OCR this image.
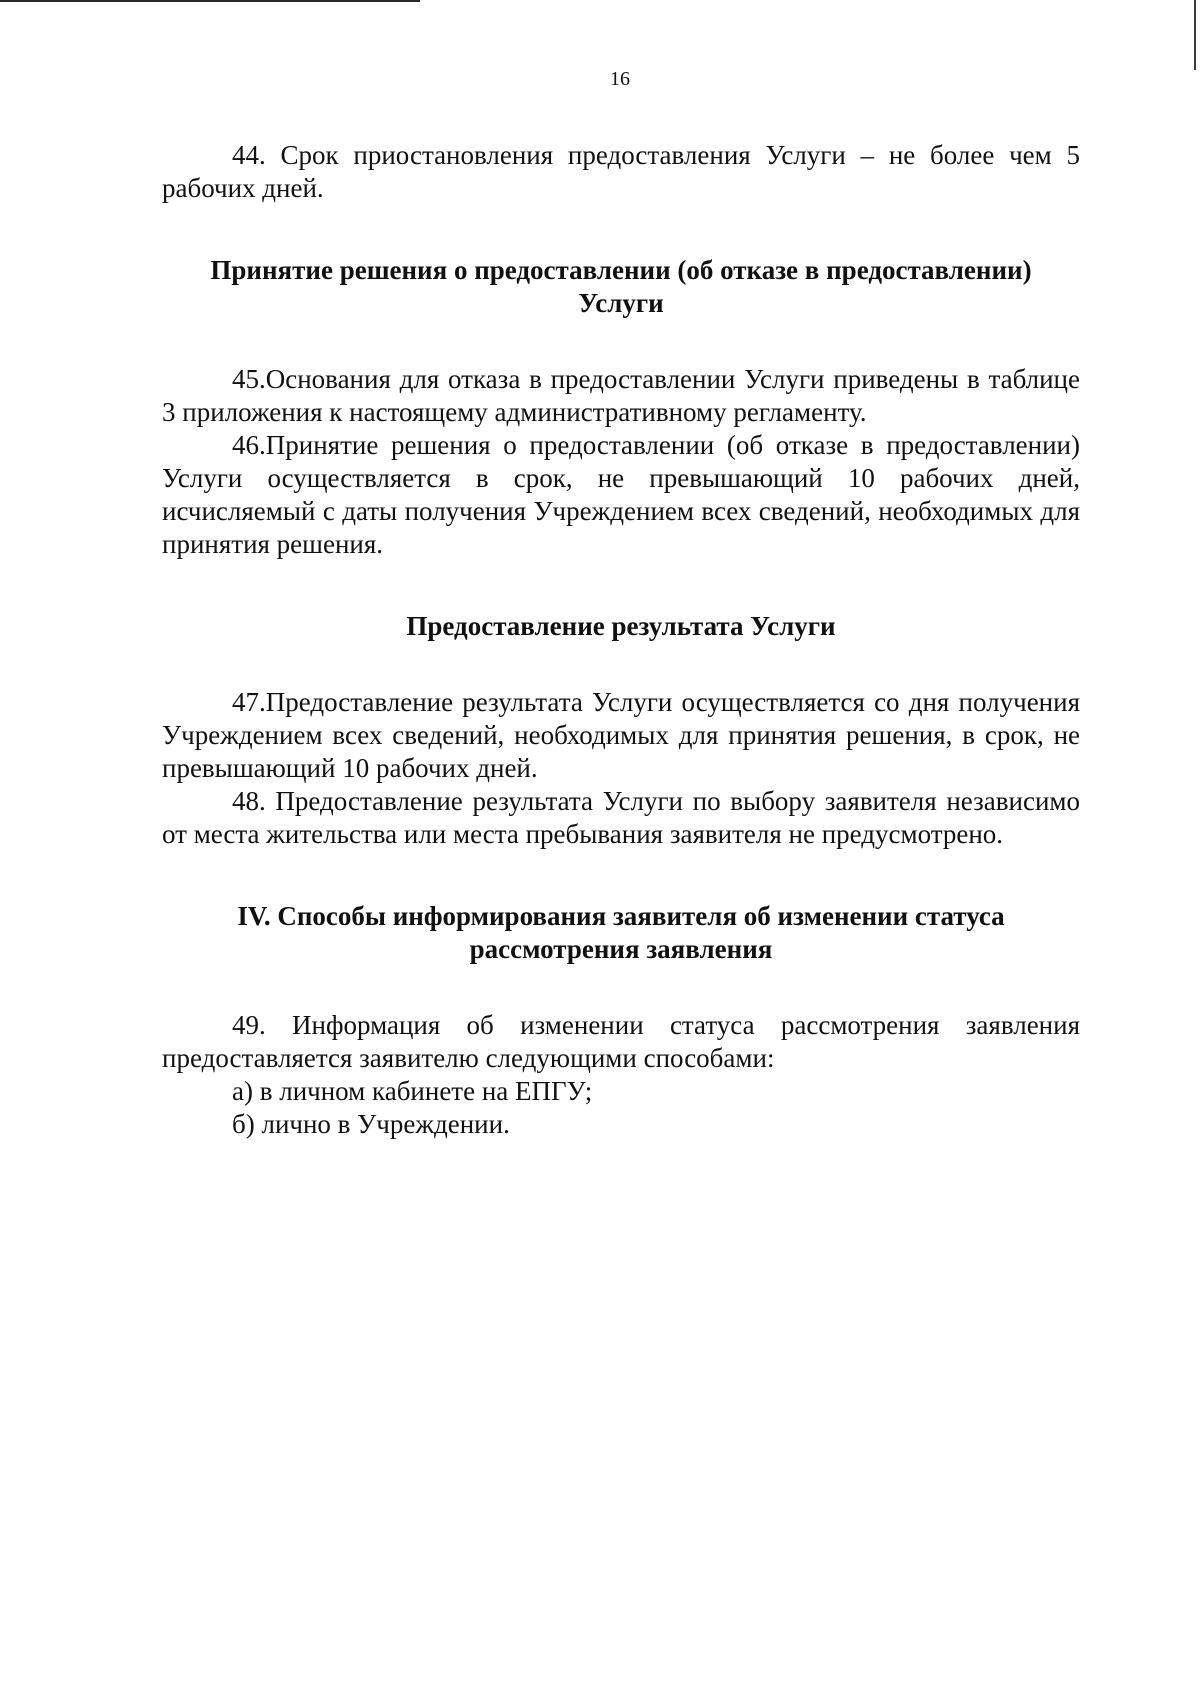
16

44. Срок приостановления предоставления Услуги – не более чем 5 рабочих дней.

Принятие решения о предоставлении (об отказе в предоставлении) Услуги

45.Основания для отказа в предоставлении Услуги приведены в таблице 3 приложения к настоящему административному регламенту.

46.Принятие решения о предоставлении (об отказе в предоставлении) Услуги осуществляется в срок, не превышающий 10 рабочих дней, исчисляемый с даты получения Учреждением всех сведений, необходимых для принятия решения.

Предоставление результата Услуги

47.Предоставление результата Услуги осуществляется со дня получения Учреждением всех сведений, необходимых для принятия решения, в срок, не превышающий 10 рабочих дней.

48. Предоставление результата Услуги по выбору заявителя независимо от места жительства или места пребывания заявителя не предусмотрено.

IV. Способы информирования заявителя об изменении статуса рассмотрения заявления

49. Информация об изменении статуса рассмотрения заявления предоставляется заявителю следующими способами:

а) в личном кабинете на ЕПГУ;

б) лично в Учреждении.
